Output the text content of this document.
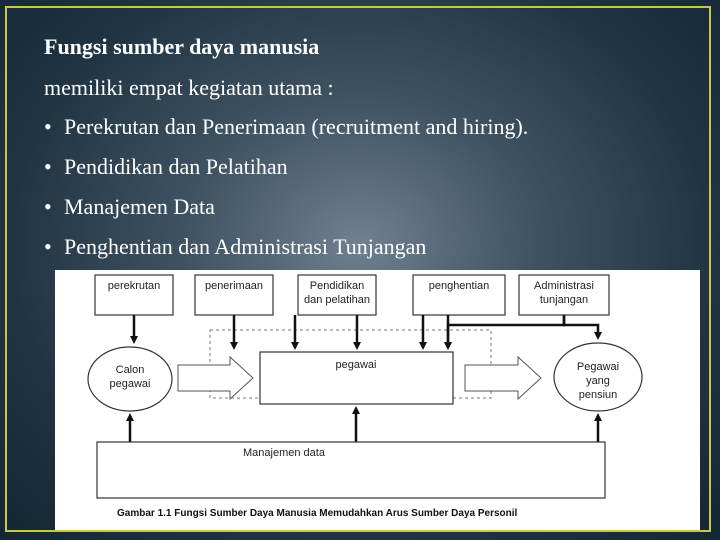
Fungsi sumber daya manusia
memiliki empat kegiatan utama :
• Perekrutan dan Penerimaan (recruitment and hiring).
• Pendidikan dan Pelatihan
• Manajemen Data
• Penghentian dan Administrasi Tunjangan
perekrutan	penerimaan	Pendidikan
dan pelatihan
penghentian	Administrasi
tunjangan
pegawai
Calon
pegawai
Pegawai
yang
pensiun
Manajemen data
Gambar 1.1 Fungsi Sumber Daya Manusia Memudahkan Arus Sumber Daya Personil
